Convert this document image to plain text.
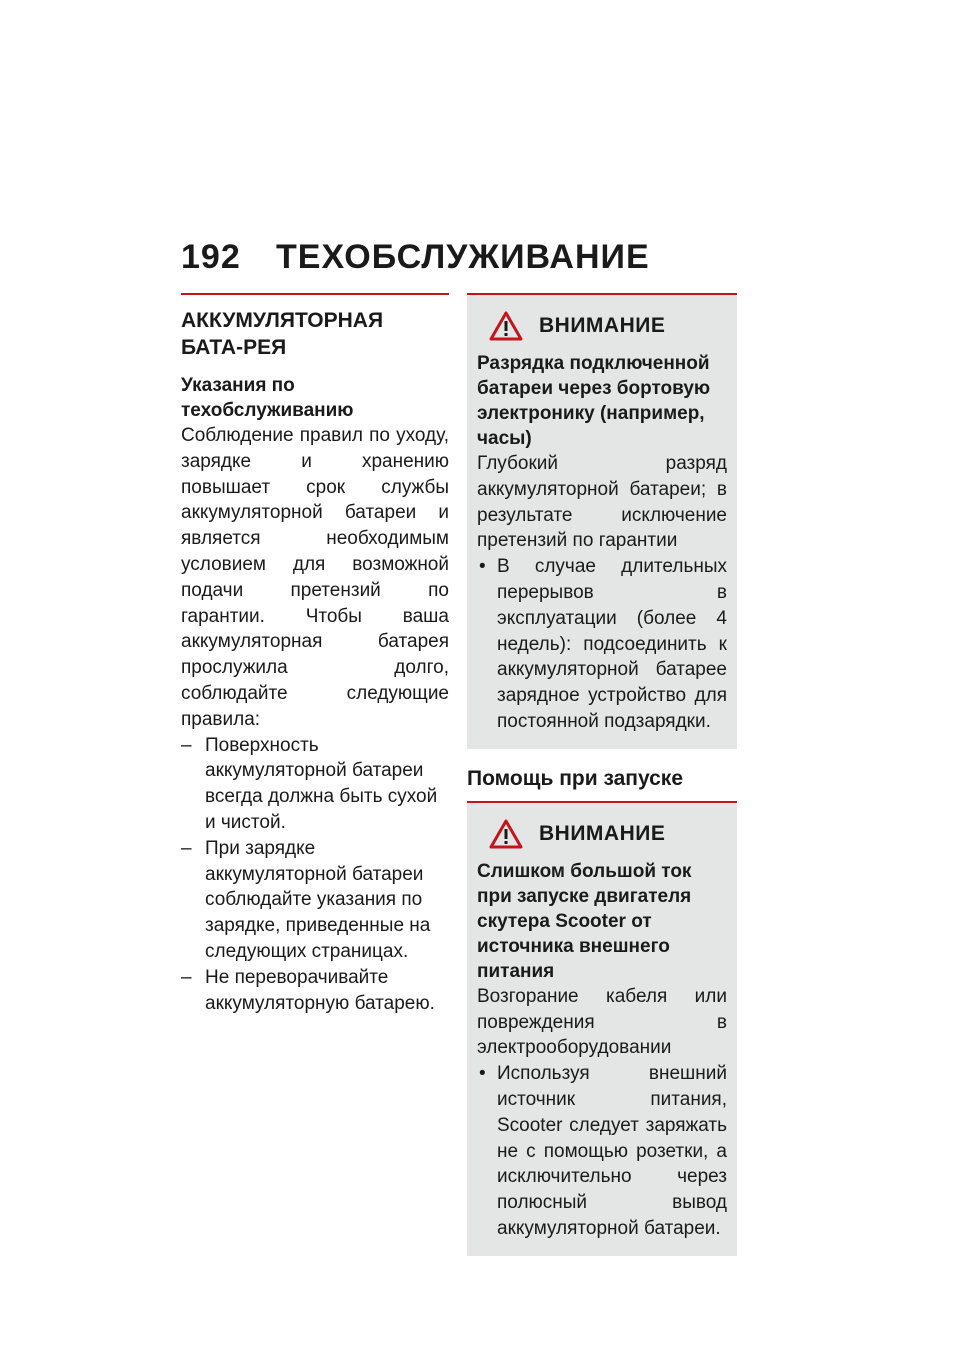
192 ТЕХОБСЛУЖИВАНИЕ
АККУМУЛЯТОРНАЯ БАТА-РЕЯ
Указания по техобслуживанию
Соблюдение правил по уходу, зарядке и хранению повышает срок службы аккумуляторной батареи и является необходимым условием для возможной подачи претензий по гарантии. Чтобы ваша аккумуляторная батарея прослужила долго, соблюдайте следующие правила:
– Поверхность аккумуляторной батареи всегда должна быть сухой и чистой.
– При зарядке аккумуляторной батареи соблюдайте указания по зарядке, приведенные на следующих страницах.
– Не переворачивайте аккумуляторную батарею.
ВНИМАНИЕ
Разрядка подключенной батареи через бортовую электронику (например, часы)
Глубокий разряд аккумуляторной батареи; в результате исключение претензий по гарантии
• В случае длительных перерывов в эксплуатации (более 4 недель): подсоединить к аккумуляторной батарее зарядное устройство для постоянной подзарядки.
Помощь при запуске
ВНИМАНИЕ
Слишком большой ток при запуске двигателя скутера Scooter от источника внешнего питания
Возгорание кабеля или повреждения в электрооборудовании
• Используя внешний источник питания, Scooter следует заряжать не с помощью розетки, а исключительно через полюсный вывод аккумуляторной батареи.
